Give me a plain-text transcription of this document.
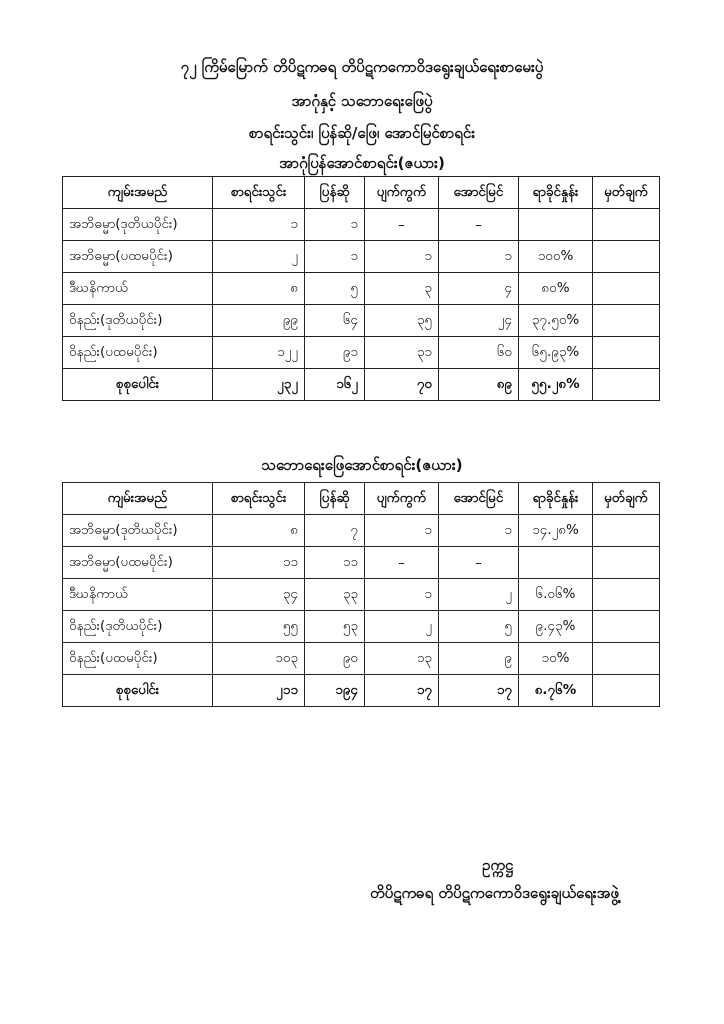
၇၂ ကြိမ်မြောက် တိပိဋကဓရ တိပိဋကကောဝိဒရွေးချယ်ရေးစာမေးပွဲ
အာဂုံနှင့် သဘောရေးဖြေပွဲ
စာရင်းသွင်း၊ ပြန်ဆို/ဖြေ၊ အောင်မြင်စာရင်း
အာဂုံပြန်အောင်စာရင်း(ဇယား)
ကျမ်းအမည်	စာရင်းသွင်း	ပြန်ဆို	ပျက်ကွက်	အောင်မြင်	ရာခိုင်နှုန်း	မှတ်ချက်
အဘိဓမ္မာ(ဒုတိယပိုင်း)	၁	၁	–	–		
အဘိဓမ္မာ(ပထမပိုင်း)	၂	၁	၁	၁	၁၀၀%	
ဒီဃနိကာယ်	၈	၅	၃	၄	၈၀%	
ဝိနည်း(ဒုတိယပိုင်း)	၉၉	၆၄	၃၅	၂၄	၃၇.၅၀%	
ဝိနည်း(ပထမပိုင်း)	၁၂၂	၉၁	၃၁	၆၀	၆၅.၉၃%	
စုစုပေါင်း	၂၃၂	၁၆၂	၇၀	၈၉	၅၅.၂၈%	
သဘောရေးဖြေအောင်စာရင်း(ဇယား)
ကျမ်းအမည်	စာရင်းသွင်း	ပြန်ဆို	ပျက်ကွက်	အောင်မြင်	ရာခိုင်နှုန်း	မှတ်ချက်
အဘိဓမ္မာ(ဒုတိယပိုင်း)	၈	၇	၁	၁	၁၄.၂၈%	
အဘိဓမ္မာ(ပထမပိုင်း)	၁၁	၁၁	–	–		
ဒီဃနိကာယ်	၃၄	၃၃	၁	၂	၆.၀၆%	
ဝိနည်း(ဒုတိယပိုင်း)	၅၅	၅၃	၂	၅	၉.၄၃%	
ဝိနည်း(ပထမပိုင်း)	၁၀၃	၉၀	၁၃	၉	၁၀%	
စုစုပေါင်း	၂၁၁	၁၉၄	၁၇	၁၇	၈.၇၆%	
ဥက္ကဋ္ဌ
တိပိဋကဓရ တိပိဋကကောဝိဒရွေးချယ်ရေးအဖွဲ့
